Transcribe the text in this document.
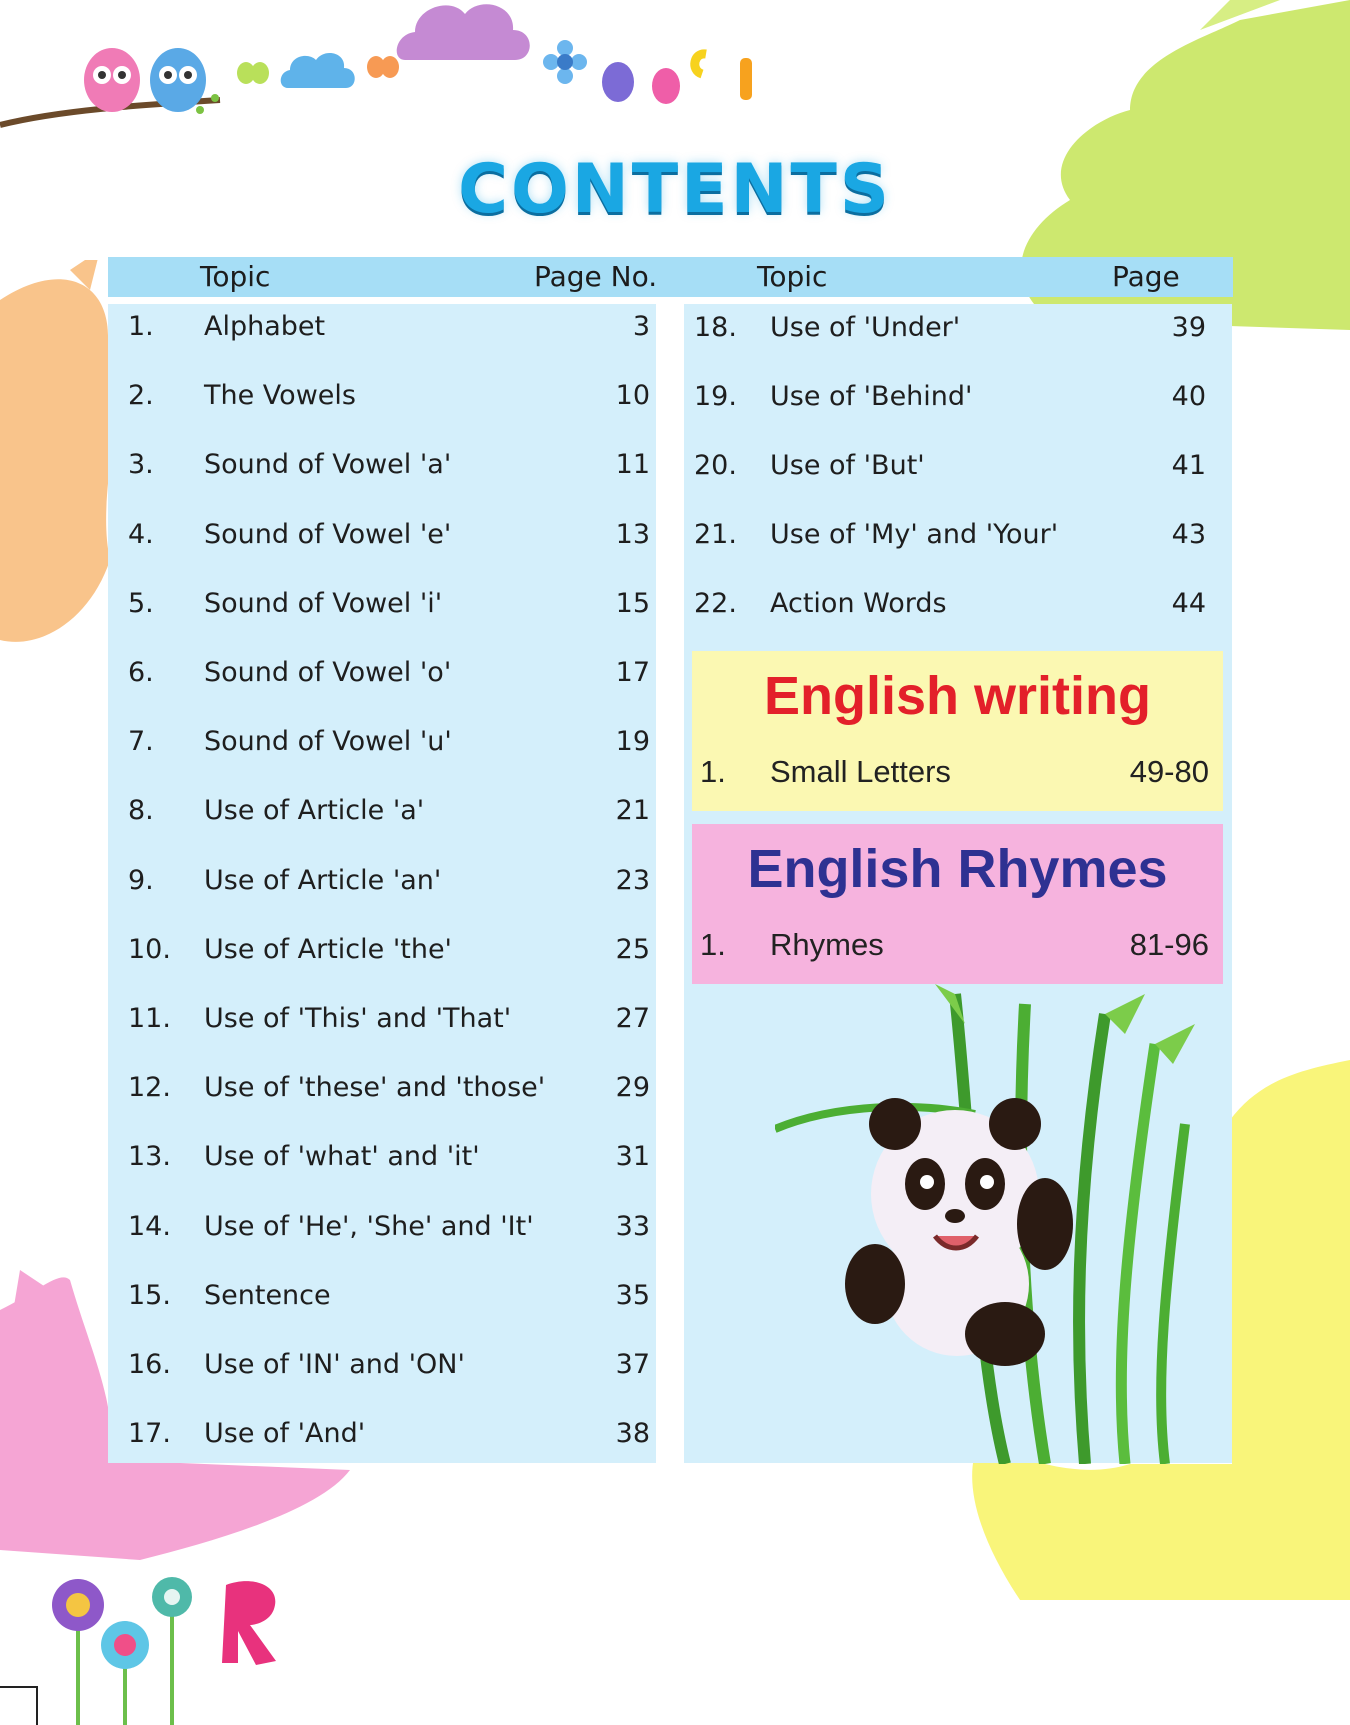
CONTENTS
Topic	Page No.	Topic	Page
1. Alphabet	3
2. The Vowels	10
3. Sound of Vowel 'a'	11
4. Sound of Vowel 'e'	13
5. Sound of Vowel 'i'	15
6. Sound of Vowel 'o'	17
7. Sound of Vowel 'u'	19
8. Use of Article 'a'	21
9. Use of Article 'an'	23
10. Use of Article 'the'	25
11. Use of 'This' and 'That'	27
12. Use of 'these' and 'those'	29
13. Use of 'what' and 'it'	31
14. Use of 'He', 'She' and 'It'	33
15. Sentence	35
16. Use of 'IN' and 'ON'	37
17. Use of 'And'	38
18. Use of 'Under'	39
19. Use of 'Behind'	40
20. Use of 'But'	41
21. Use of 'My' and 'Your'	43
22. Action Words	44
English writing
1. Small Letters	49-80
English Rhymes
1. Rhymes	81-96
